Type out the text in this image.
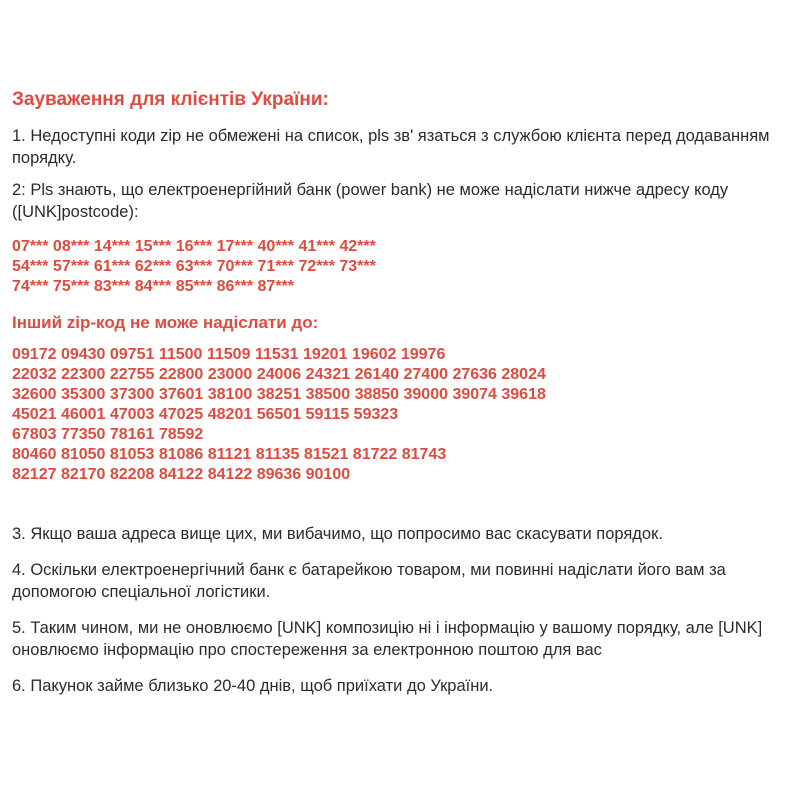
Зауваження для клієнтів України:

1. Недоступні коди zip не обмежені на список, pls зв' язаться з службою клієнта перед додаванням порядку.

2: Pls знають, що електроенергійний банк (power bank) не може надіслати нижче адресу коду ([UNK]postcode):

07*** 08*** 14*** 15*** 16*** 17*** 40*** 41*** 42***
54*** 57*** 61*** 62*** 63*** 70*** 71*** 72*** 73***
74*** 75*** 83*** 84*** 85*** 86*** 87***

Інший zip-код не може надіслати до:

09172 09430 09751 11500 11509 11531 19201 19602 19976
22032 22300 22755 22800 23000 24006 24321 26140 27400 27636 28024
32600 35300 37300 37601 38100 38251 38500 38850 39000 39074 39618
45021 46001 47003 47025 48201 56501 59115 59323
67803 77350 78161 78592
80460 81050 81053 81086 81121 81135 81521 81722 81743
82127 82170 82208 84122 84122 89636 90100

3. Якщо ваша адреса вище цих, ми вибачимо, що попросимо вас скасувати порядок.

4. Оскільки електроенергічний банк є батарейкою товаром, ми повинні надіслати його вам за допомогою спеціальної логістики.

5. Таким чином, ми не оновлюємо [UNK] композицію ні і інформацію у вашому порядку, але [UNK] оновлюємо інформацію про спостереження за електронною поштою для вас

6. Пакунок займе близько 20-40 днів, щоб приїхати до України.
